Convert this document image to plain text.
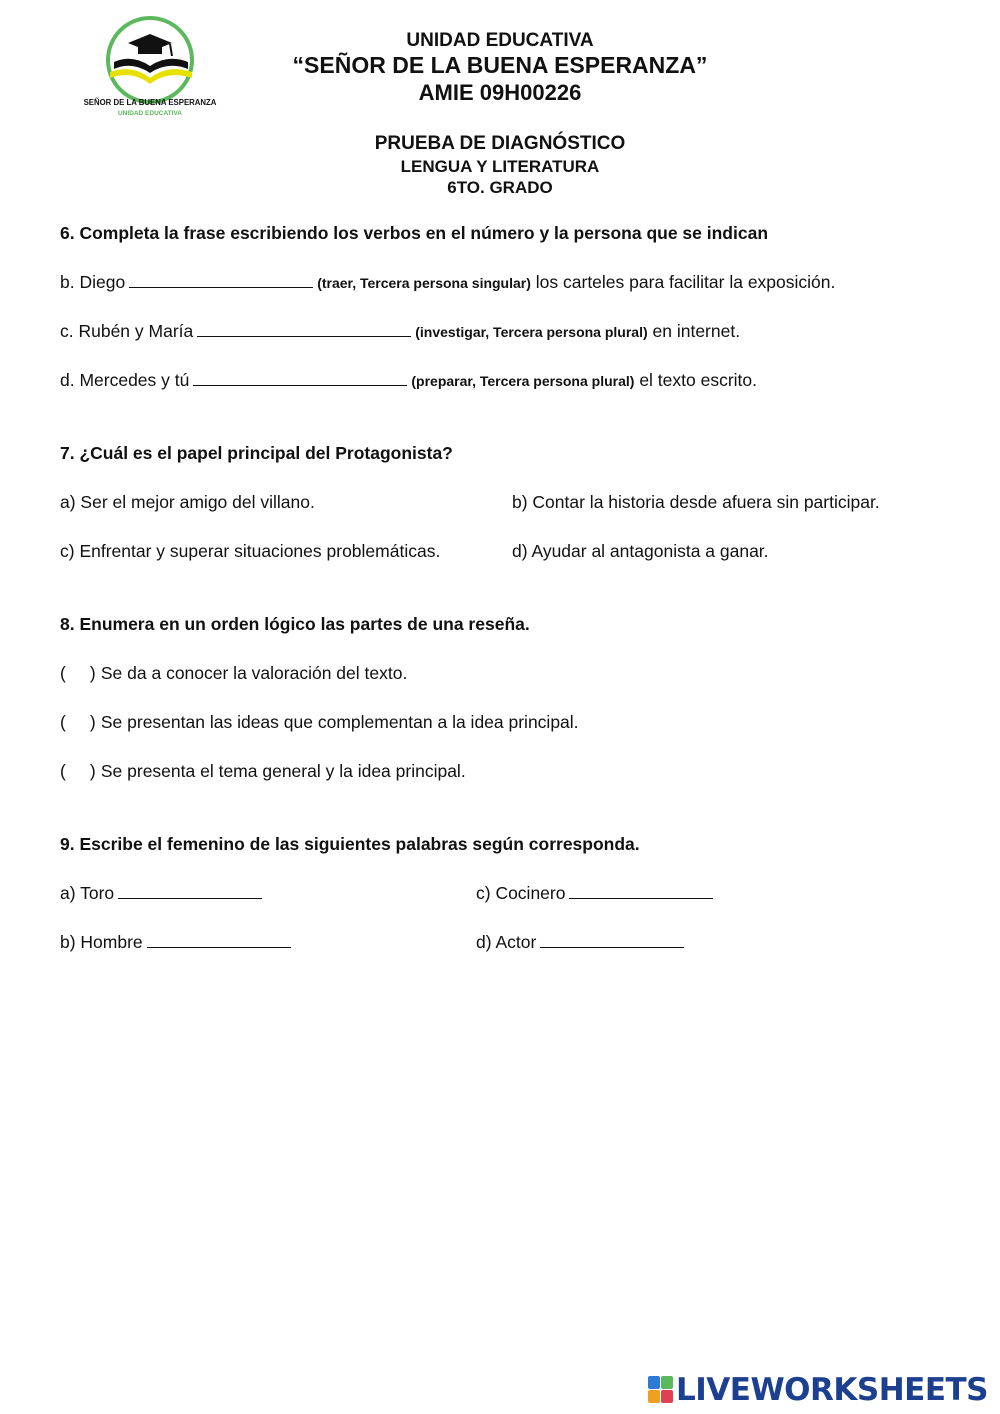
SEÑOR DE LA BUENA ESPERANZA
UNIDAD EDUCATIVA
UNIDAD EDUCATIVA
“SEÑOR DE LA BUENA ESPERANZA”
AMIE 09H00226
PRUEBA DE DIAGNÓSTICO
LENGUA Y LITERATURA
6TO. GRADO
6. Completa la frase escribiendo los verbos en el número y la persona que se indican
b. Diego	(traer, Tercera persona singular) los carteles para facilitar la exposición.
c. Rubén y María	(investigar, Tercera persona plural) en internet.
d. Mercedes y tú	(preparar, Tercera persona plural) el texto escrito.
7. ¿Cuál es el papel principal del Protagonista?
a) Ser el mejor amigo del villano.	b) Contar la historia desde afuera sin participar.
c) Enfrentar y superar situaciones problemáticas.	d) Ayudar al antagonista a ganar.
8. Enumera en un orden lógico las partes de una reseña.
( ) Se da a conocer la valoración del texto.
( ) Se presentan las ideas que complementan a la idea principal.
( ) Se presenta el tema general y la idea principal.
9. Escribe el femenino de las siguientes palabras según corresponda.
a) Toro	c) Cocinero
b) Hombre	d) Actor
LIVEWORKSHEETS
